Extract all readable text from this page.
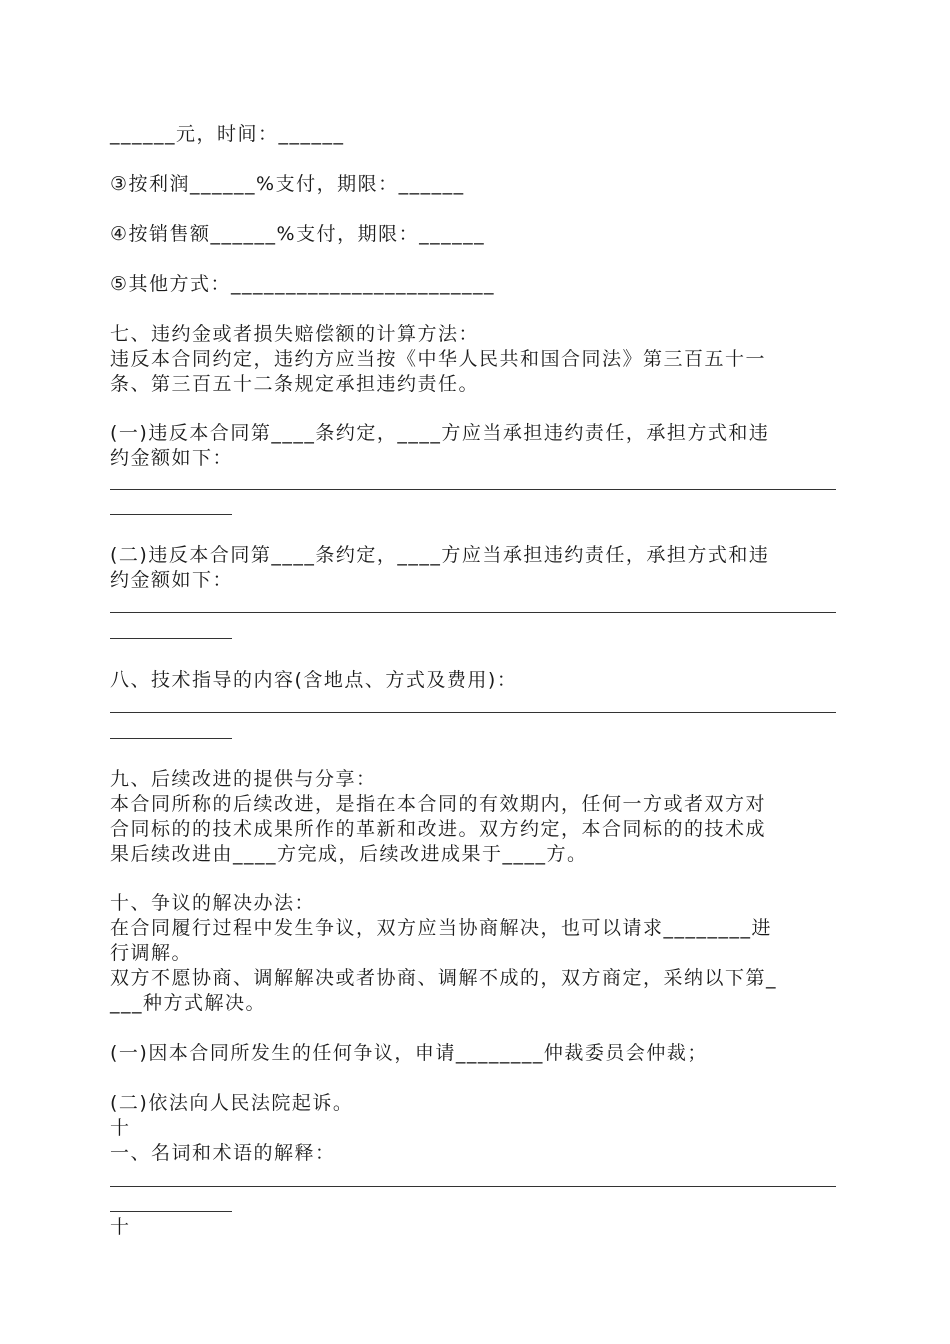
______元，时间：______
③按利润______%支付，期限：______
④按销售额______%支付，期限：______
⑤其他方式：________________________
七、违约金或者损失赔偿额的计算方法：
违反本合同约定，违约方应当按《中华人民共和国合同法》第三百五十一
条、第三百五十二条规定承担违约责任。
(一)违反本合同第____条约定，____方应当承担违约责任，承担方式和违
约金额如下：
(二)违反本合同第____条约定，____方应当承担违约责任，承担方式和违
约金额如下：
八、技术指导的内容(含地点、方式及费用)：
九、后续改进的提供与分享：
本合同所称的后续改进，是指在本合同的有效期内，任何一方或者双方对
合同标的的技术成果所作的革新和改进。双方约定，本合同标的的技术成
果后续改进由____方完成，后续改进成果于____方。
十、争议的解决办法：
在合同履行过程中发生争议，双方应当协商解决，也可以请求________进
行调解。
双方不愿协商、调解解决或者协商、调解不成的，双方商定，采纳以下第_
___种方式解决。
(一)因本合同所发生的任何争议，申请________仲裁委员会仲裁；
(二)依法向人民法院起诉。
十
一、名词和术语的解释：
十
